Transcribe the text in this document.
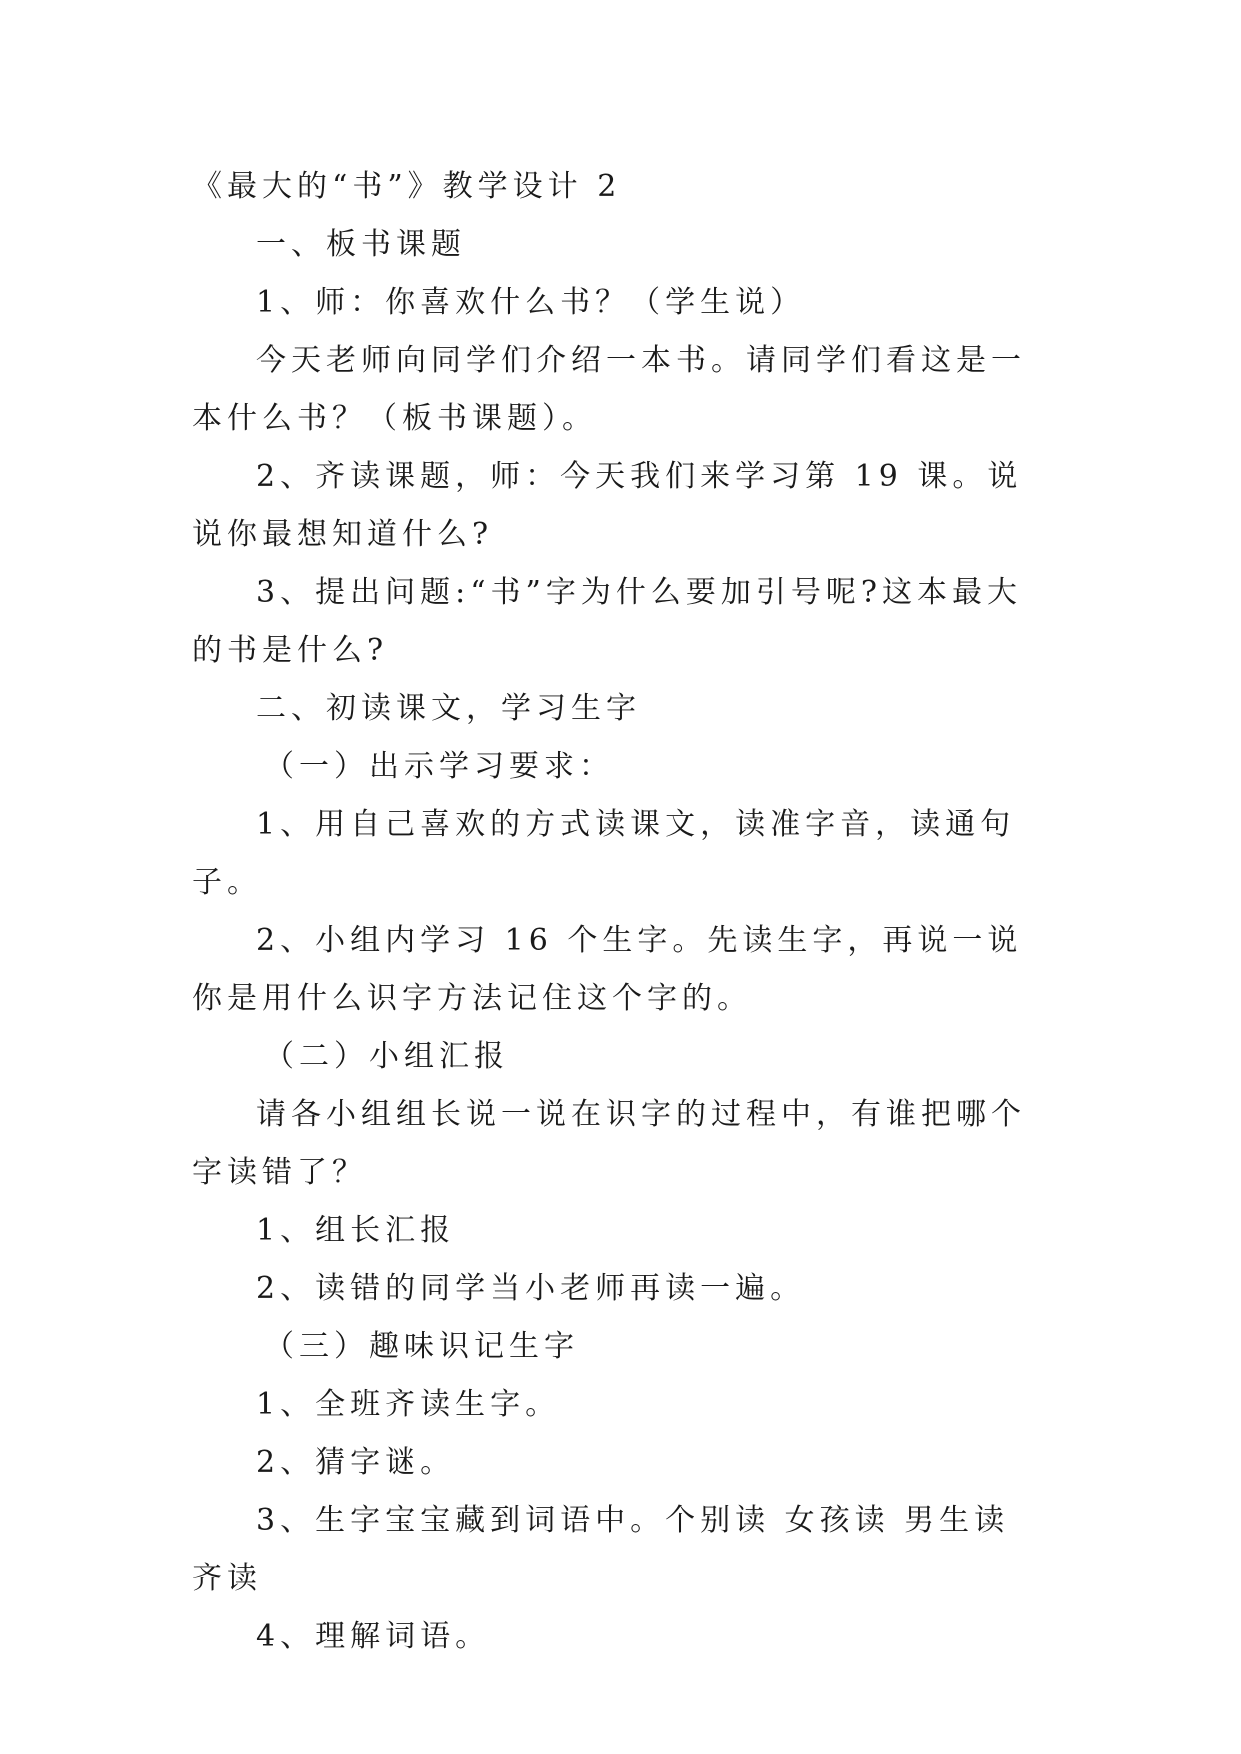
《最大的“书”》教学设计 2

一、板书课题

1、师：你喜欢什么书？（学生说）

今天老师向同学们介绍一本书。请同学们看这是一本什么书？（板书课题）。

2、齐读课题，师：今天我们来学习第 19 课。说说你最想知道什么?

3、提出问题:“书”字为什么要加引号呢?这本最大的书是什么?

二、初读课文，学习生字

（一）出示学习要求：

1、用自己喜欢的方式读课文，读准字音，读通句子。

2、小组内学习 16 个生字。先读生字，再说一说你是用什么识字方法记住这个字的。

（二）小组汇报

请各小组组长说一说在识字的过程中，有谁把哪个字读错了？

1、组长汇报

2、读错的同学当小老师再读一遍。

（三）趣味识记生字

1、全班齐读生字。

2、猜字谜。

3、生字宝宝藏到词语中。个别读 女孩读 男生读 齐读

4、理解词语。
